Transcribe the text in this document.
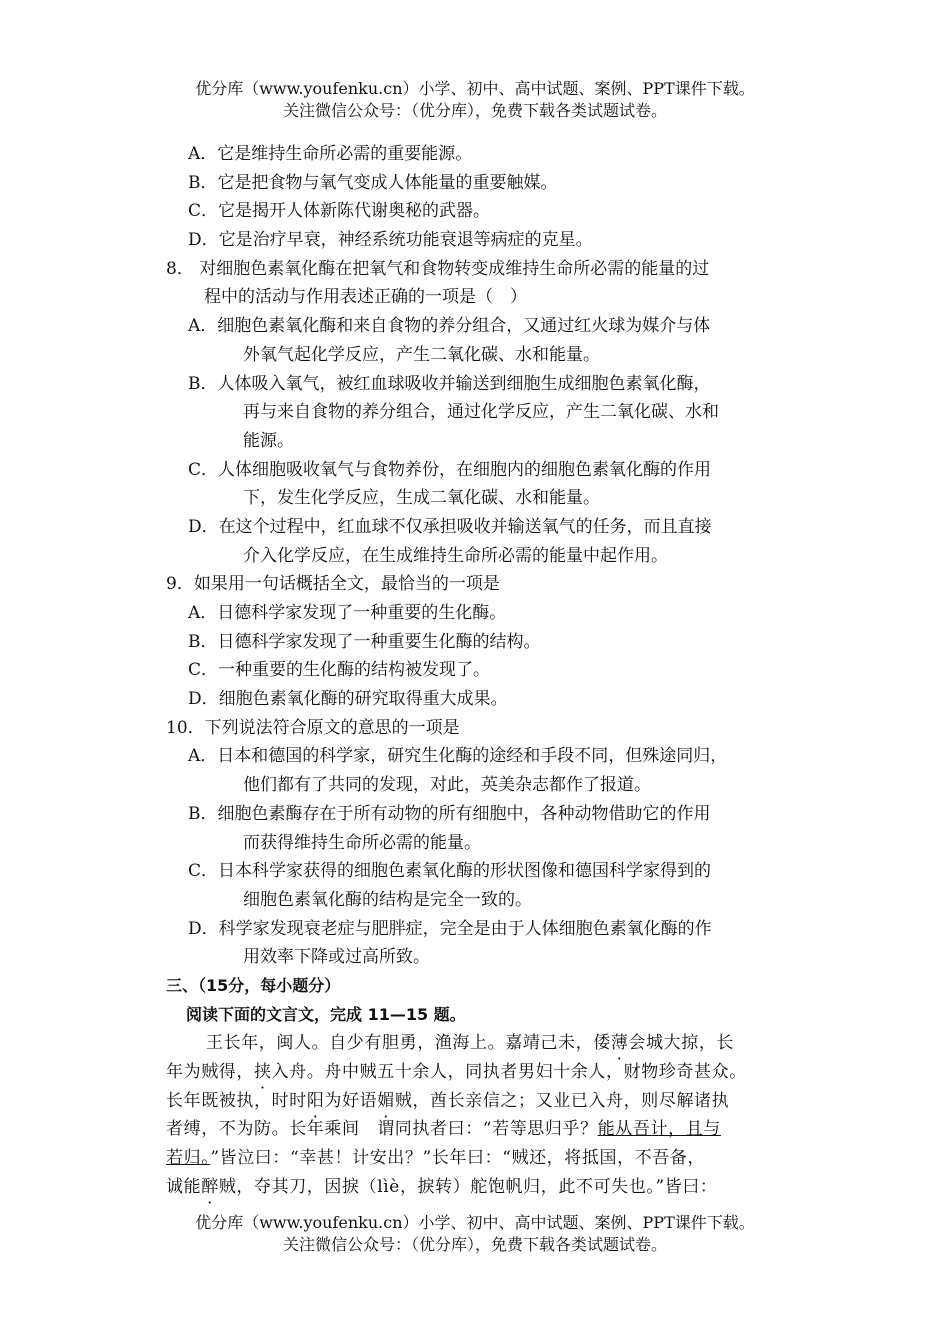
优分库（www.youfenku.cn）小学、初中、高中试题、案例、PPT课件下载。
关注微信公众号：（优分库），免费下载各类试题试卷。
A．它是维持生命所必需的重要能源。
B．它是把食物与氧气变成人体能量的重要触媒。
C．它是揭开人体新陈代谢奥秘的武器。
D．它是治疗早衰，神经系统功能衰退等病症的克星。
8． 对细胞色素氧化酶在把氧气和食物转变成维持生命所必需的能量的过
程中的活动与作用表述正确的一项是（　）
A．细胞色素氧化酶和来自食物的养分组合，又通过红火球为媒介与体
外氧气起化学反应，产生二氧化碳、水和能量。
B．人体吸入氧气，被红血球吸收并输送到细胞生成细胞色素氧化酶，
再与来自食物的养分组合，通过化学反应，产生二氧化碳、水和
能源。
C．人体细胞吸收氧气与食物养份，在细胞内的细胞色素氧化酶的作用
下，发生化学反应，生成二氧化碳、水和能量。
D．在这个过程中，红血球不仅承担吸收并输送氧气的任务，而且直接
介入化学反应，在生成维持生命所必需的能量中起作用。
9．如果用一句话概括全文，最恰当的一项是
A．日德科学家发现了一种重要的生化酶。
B．日德科学家发现了一种重要生化酶的结构。
C．一种重要的生化酶的结构被发现了。
D．细胞色素氧化酶的研究取得重大成果。
10．下列说法符合原文的意思的一项是
A．日本和德国的科学家，研究生化酶的途经和手段不同，但殊途同归，
他们都有了共同的发现，对此，英美杂志都作了报道。
B．细胞色素酶存在于所有动物的所有细胞中，各种动物借助它的作用
而获得维持生命所必需的能量。
C．日本科学家获得的细胞色素氧化酶的形状图像和德国科学家得到的
细胞色素氧化酶的结构是完全一致的。
D．科学家发现衰老症与肥胖症，完全是由于人体细胞色素氧化酶的作
用效率下降或过高所致。
三、（15分，每小题分）
阅读下面的文言文，完成 11—15 题。
王长年，闽人。自少有胆勇，渔海上。嘉靖己未，倭薄会城大掠，长
年为贼得，挟入舟。舟中贼五十余人，同执者男妇十余人，财物珍奇甚众。
长年既被执，时时阳为好语媚贼，酋长亲信之；又业已入舟，则尽解诸执
者缚，不为防。长年乘间　谓同执者曰：“若等思归乎？能从吾计，且与
若归。”皆泣曰：“幸甚！计安出？”长年曰：“贼还，将抵国，不吾备，
诚能醉贼，夺其刀，因捩（lìè，捩转）舵饱帆归，此不可失也。”皆曰：
优分库（www.youfenku.cn）小学、初中、高中试题、案例、PPT课件下载。
关注微信公众号：（优分库），免费下载各类试题试卷。
